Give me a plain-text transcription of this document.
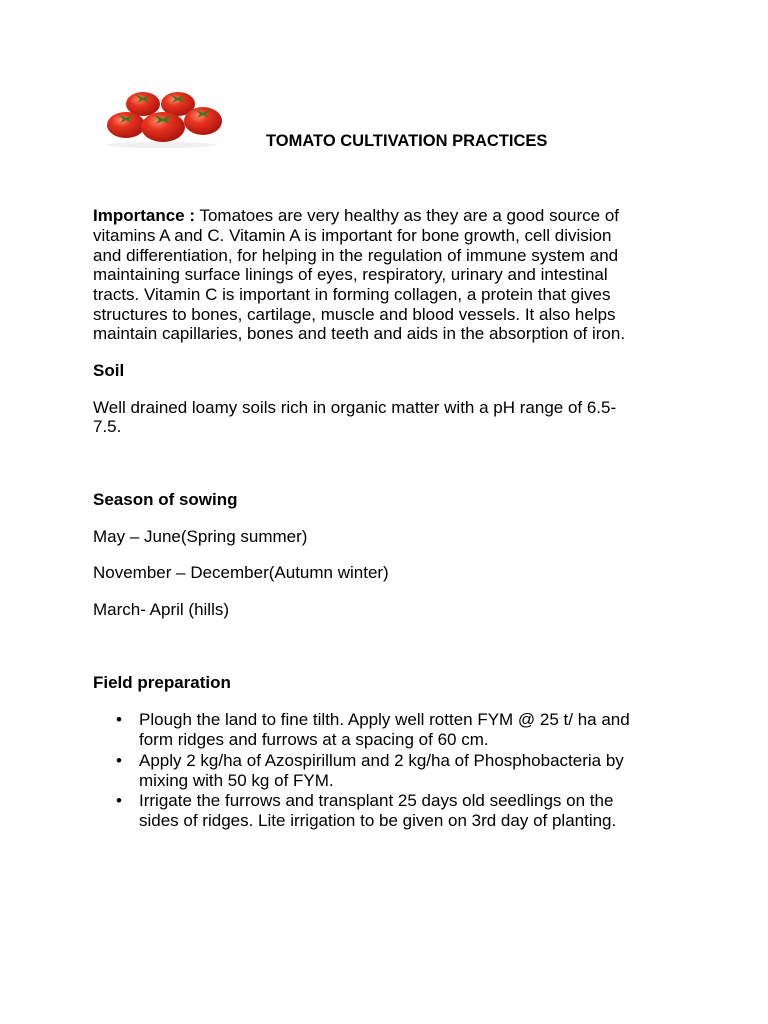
TOMATO CULTIVATION PRACTICES
Importance : Tomatoes are very healthy as they are a good source of
vitamins A and C. Vitamin A is important for bone growth, cell division
and differentiation, for helping in the regulation of immune system and
maintaining surface linings of eyes, respiratory, urinary and intestinal
tracts. Vitamin C is important in forming collagen, a protein that gives
structures to bones, cartilage, muscle and blood vessels. It also helps
maintain capillaries, bones and teeth and aids in the absorption of iron.
Soil
Well drained loamy soils rich in organic matter with a pH range of 6.5-
7.5.
Season of sowing
May – June(Spring summer)
November – December(Autumn winter)
March- April (hills)
Field preparation
• Plough the land to fine tilth. Apply well rotten FYM @ 25 t/ ha and
form ridges and furrows at a spacing of 60 cm.
• Apply 2 kg/ha of Azospirillum and 2 kg/ha of Phosphobacteria by
mixing with 50 kg of FYM.
• Irrigate the furrows and transplant 25 days old seedlings on the
sides of ridges. Lite irrigation to be given on 3rd day of planting.
